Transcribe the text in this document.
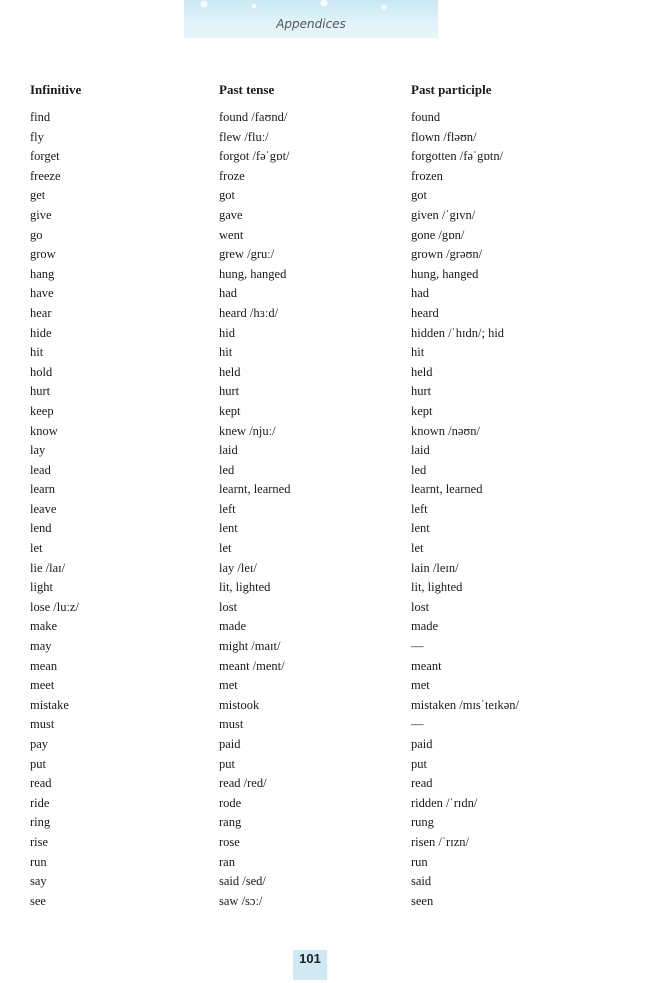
Appendices
Infinitive	Past tense	Past participle
find	found /faʊnd/	found
fly	flew /fluː/	flown /fləʊn/
forget	forgot /fəˈgɒt/	forgotten /fəˈgɒtn/
freeze	froze	frozen
get	got	got
give	gave	given /ˈgɪvn/
go	went	gone /gɒn/
grow	grew /gruː/	grown /grəʊn/
hang	hung, hanged	hung, hanged
have	had	had
hear	heard /hɜːd/	heard
hide	hid	hidden /ˈhɪdn/; hid
hit	hit	hit
hold	held	held
hurt	hurt	hurt
keep	kept	kept
know	knew /njuː/	known /nəʊn/
lay	laid	laid
lead	led	led
learn	learnt, learned	learnt, learned
leave	left	left
lend	lent	lent
let	let	let
lie /laɪ/	lay /leɪ/	lain /leɪn/
light	lit, lighted	lit, lighted
lose /luːz/	lost	lost
make	made	made
may	might /maɪt/	—
mean	meant /ment/	meant
meet	met	met
mistake	mistook	mistaken /mɪsˈteɪkən/
must	must	—
pay	paid	paid
put	put	put
read	read /red/	read
ride	rode	ridden /ˈrɪdn/
ring	rang	rung
rise	rose	risen /ˈrɪzn/
run	ran	run
say	said /sed/	said
see	saw /sɔː/	seen
101
